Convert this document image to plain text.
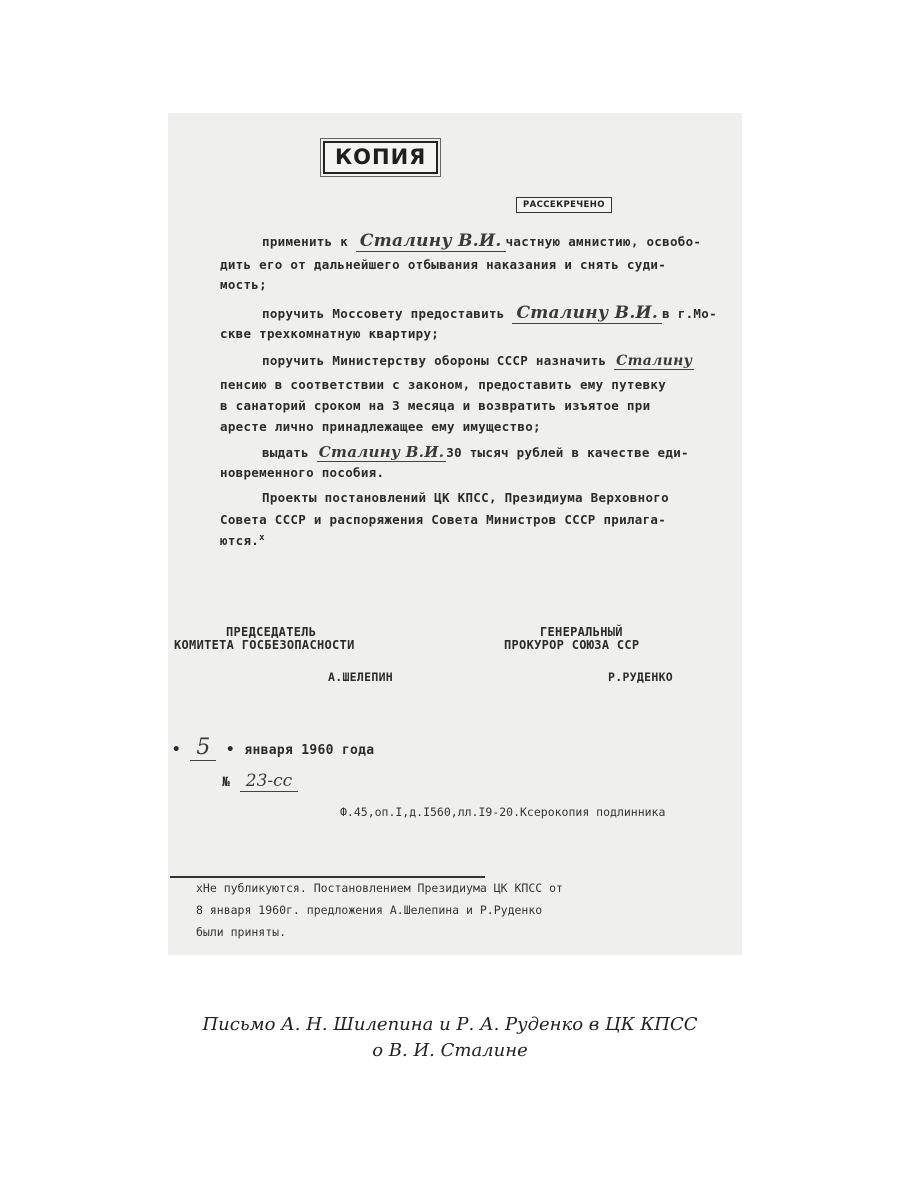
КОПИЯ
РАССЕКРЕЧЕНО
применить к Сталину В.И. частную амнистию, освобо-
дить его от дальнейшего отбывания наказания и снять суди-
мость;
поручить Моссовету предоставить Сталину В.И. в г.Мо-
скве трехкомнатную квартиру;
поручить Министерству обороны СССР назначить Сталину
пенсию в соответствии с законом, предоставить ему путевку
в санаторий сроком на 3 месяца и возвратить изъятое при
аресте лично принадлежащее ему имущество;
выдать Сталину В.И. 30 тысяч рублей в качестве еди-
новременного пособия.
Проекты постановлений ЦК КПСС, Президиума Верховного
Совета СССР и распоряжения Совета Министров СССР прилага-
ются.$^х$
ПРЕДСЕДАТЕЛЬ
КОМИТЕТА ГОСБЕЗОПАСНОСТИ
А.ШЕЛЕПИН
ГЕНЕРАЛЬНЫЙ
ПРОКУРОР СОЮЗА ССР
Р.РУДЕНКО
• 5 • января 1960 года
№ 23-сс
Ф.45,оп.I,д.I560,лл.I9-20.Ксерокопия подлинника
хНе публикуются. Постановлением Президиума ЦК КПСС от
8 января 1960г. предложения А.Шелепина и Р.Руденко
были приняты.
Письмо А. Н. Шилепина и Р. А. Руденко в ЦК КПСС
о В. И. Сталине
